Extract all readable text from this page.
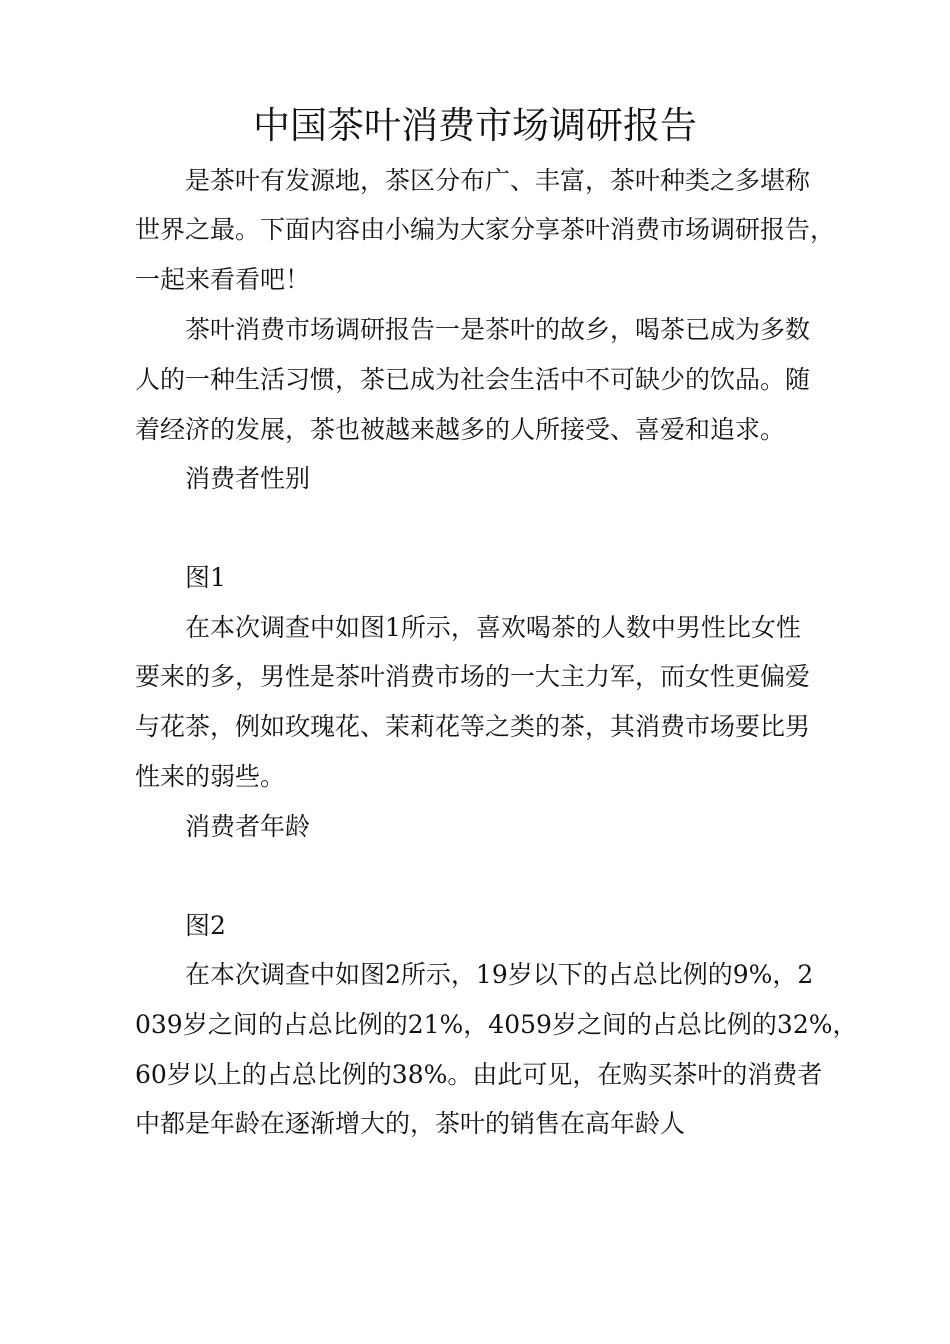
中国茶叶消费市场调研报告

是茶叶有发源地，茶区分布广、丰富，茶叶种类之多堪称

世界之最。下面内容由小编为大家分享茶叶消费市场调研报告，

一起来看看吧！

茶叶消费市场调研报告一是茶叶的故乡，喝茶已成为多数

人的一种生活习惯，茶已成为社会生活中不可缺少的饮品。随

着经济的发展，茶也被越来越多的人所接受、喜爱和追求。

消费者性别

图1

在本次调查中如图1所示，喜欢喝茶的人数中男性比女性

要来的多，男性是茶叶消费市场的一大主力军，而女性更偏爱

与花茶，例如玫瑰花、茉莉花等之类的茶，其消费市场要比男

性来的弱些。

消费者年龄

图2

在本次调查中如图2所示，19岁以下的占总比例的9%，2

039岁之间的占总比例的21%，4059岁之间的占总比例的32%，

60岁以上的占总比例的38%。由此可见，在购买茶叶的消费者

中都是年龄在逐渐增大的，茶叶的销售在高年龄人
